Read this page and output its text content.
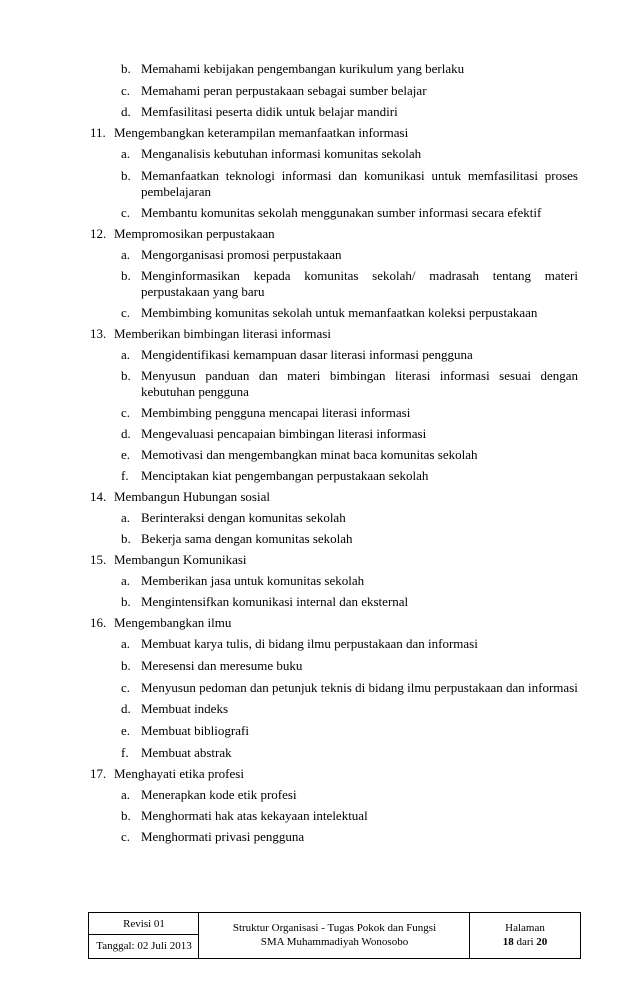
b. Memahami kebijakan pengembangan kurikulum yang berlaku
c. Memahami peran perpustakaan sebagai sumber belajar
d. Memfasilitasi peserta didik untuk belajar mandiri
11. Mengembangkan keterampilan memanfaatkan informasi
a. Menganalisis kebutuhan informasi komunitas sekolah
b. Memanfaatkan teknologi informasi dan komunikasi untuk memfasilitasi proses pembelajaran
c. Membantu komunitas sekolah menggunakan sumber informasi secara efektif
12. Mempromosikan perpustakaan
a. Mengorganisasi promosi perpustakaan
b. Menginformasikan kepada komunitas sekolah/ madrasah tentang materi perpustakaan yang baru
c. Membimbing komunitas sekolah untuk memanfaatkan koleksi perpustakaan
13. Memberikan bimbingan literasi informasi
a. Mengidentifikasi kemampuan dasar literasi informasi pengguna
b. Menyusun panduan dan materi bimbingan literasi informasi sesuai dengan kebutuhan pengguna
c. Membimbing pengguna mencapai literasi informasi
d. Mengevaluasi pencapaian bimbingan literasi informasi
e. Memotivasi dan mengembangkan minat baca komunitas sekolah
f. Menciptakan kiat pengembangan perpustakaan sekolah
14. Membangun Hubungan sosial
a. Berinteraksi dengan komunitas sekolah
b. Bekerja sama dengan komunitas sekolah
15. Membangun Komunikasi
a. Memberikan jasa untuk komunitas sekolah
b. Mengintensifkan komunikasi internal dan eksternal
16. Mengembangkan ilmu
a. Membuat karya tulis, di bidang ilmu perpustakaan dan informasi
b. Meresensi dan meresume buku
c. Menyusun pedoman dan petunjuk teknis di bidang ilmu perpustakaan dan informasi
d. Membuat indeks
e. Membuat bibliografi
f. Membuat abstrak
17. Menghayati etika profesi
a. Menerapkan kode etik profesi
b. Menghormati hak atas kekayaan intelektual
c. Menghormati privasi pengguna
Revisi 01
Tanggal: 02 Juli 2013
Struktur Organisasi - Tugas Pokok dan Fungsi
SMA Muhammadiyah Wonosobo
Halaman
18 dari 20
